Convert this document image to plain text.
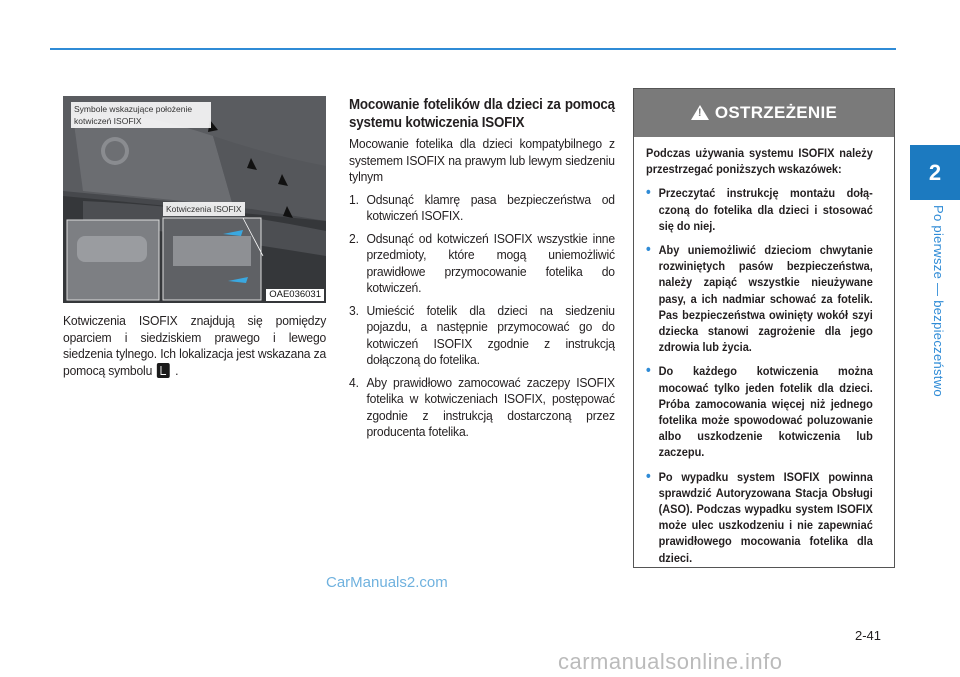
2
Po pierwsze — bezpieczeństwo
Symbole wskazujące położenie kotwiczeń ISOFIX
Kotwiczenia ISOFIX
OAE036031
Kotwiczenia ISOFIX znajdują się pomiędzy oparciem i siedziskiem prawego i lewego siedzenia tylnego. Ich lokalizacja jest wskazana za pomocą symbolu .
Mocowanie fotelików dla dzieci za pomocą systemu kotwiczenia ISOFIX
Mocowanie fotelika dla dzieci kompatybilnego z systemem ISOFIX na prawym lub lewym siedzeniu tylnym
1. Odsunąć klamrę pasa bezpieczeństwa od kotwiczeń ISOFIX.
2. Odsunąć od kotwiczeń ISOFIX wszystkie inne przedmioty, które mogą uniemożliwić prawidłowe przymocowanie fotelika do kotwiczeń.
3. Umieścić fotelik dla dzieci na siedzeniu pojazdu, a następnie przymocować go do kotwiczeń ISOFIX zgodnie z instrukcją dołączoną do fotelika.
4. Aby prawidłowo zamocować zaczepy ISOFIX fotelika w kotwiczeniach ISOFIX, postępować zgodnie z instrukcją dostarczoną przez producenta fotelika.
!OSTRZEŻENIE
Podczas używania systemu ISOFIX należy przestrzegać poniższych wskazówek:
• Przeczytać instrukcję montażu dołączoną do fotelika dla dzieci i stosować się do niej.
• Aby uniemożliwić dzieciom chwytanie rozwiniętych pasów bezpieczeństwa, należy zapiąć wszystkie nieużywane pasy, a ich nadmiar schować za fotelik. Pas bezpieczeństwa owinięty wokół szyi dziecka stanowi zagrożenie dla jego zdrowia lub życia.
• Do każdego kotwiczenia można mocować tylko jeden fotelik dla dzieci. Próba zamocowania więcej niż jednego fotelika może spowodować poluzowanie albo uszkodzenie kotwiczenia lub zaczepu.
• Po wypadku system ISOFIX powinna sprawdzić Autoryzowana Stacja Obsługi (ASO). Podczas wypadku system ISOFIX może ulec uszkodzeniu i nie zapewniać prawidłowego mocowania fotelika dla dzieci.
2-41
CarManuals2.com
carmanualsonline.info
